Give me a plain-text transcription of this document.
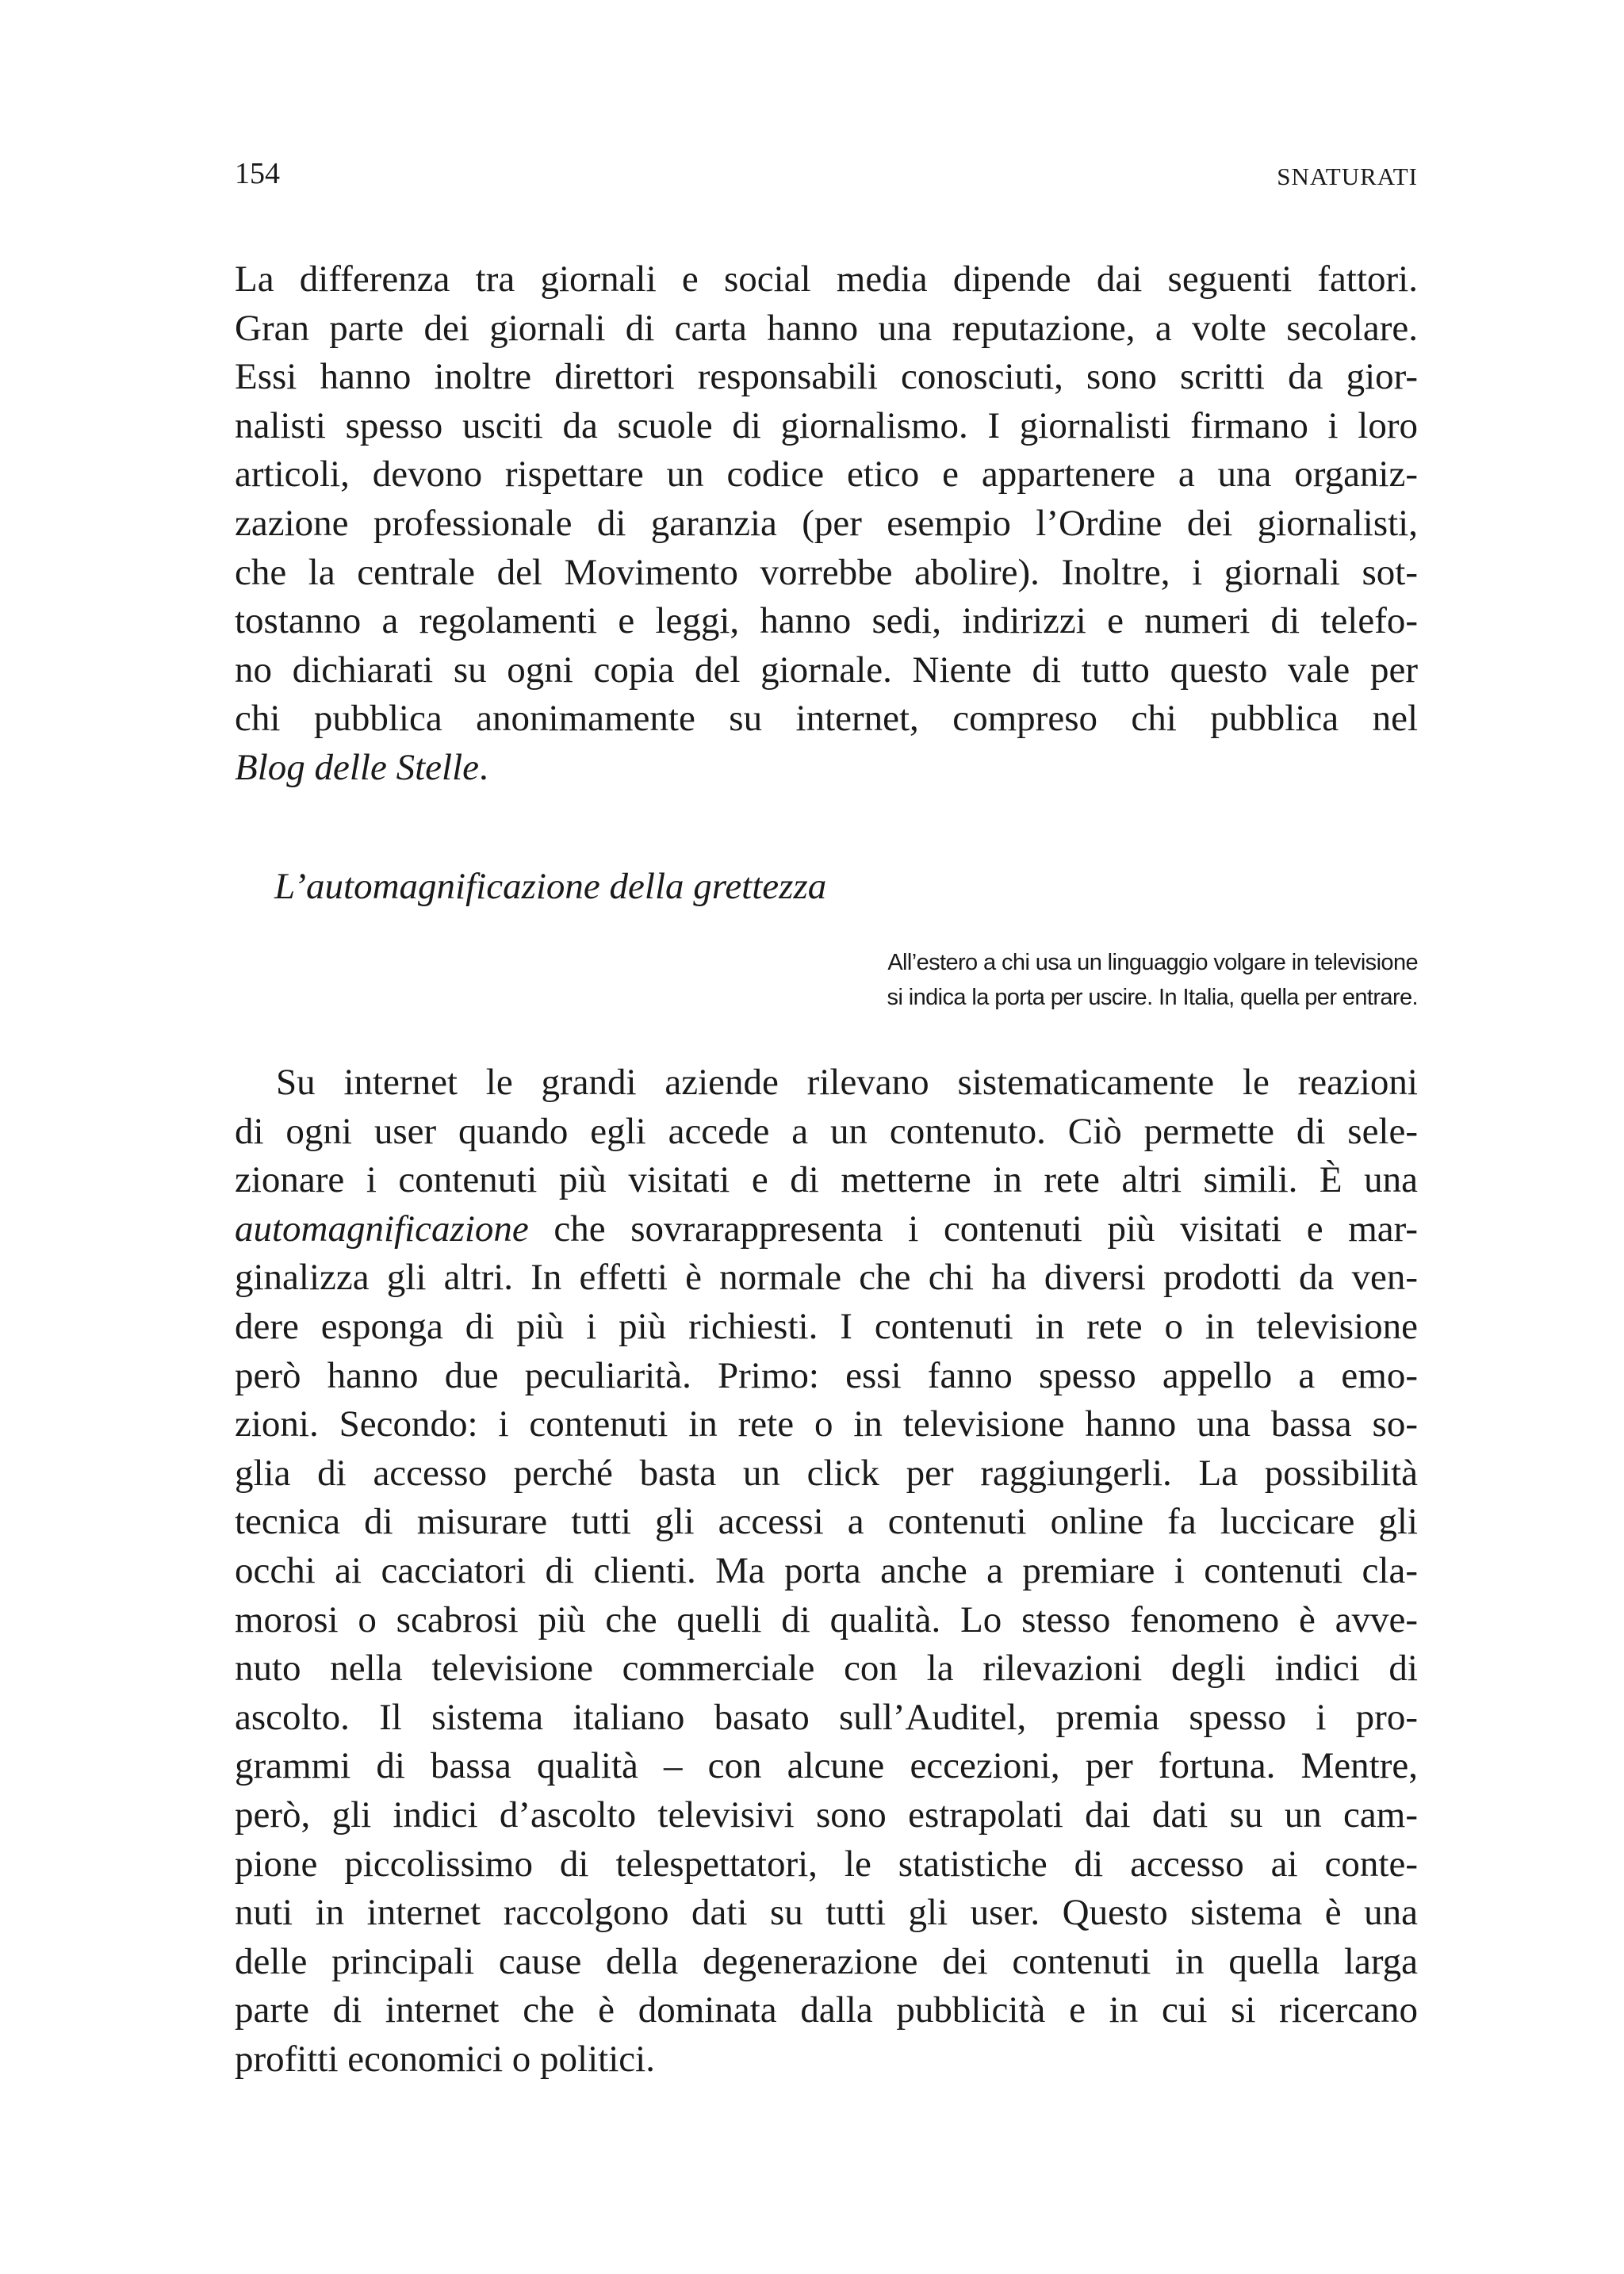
154	SNATURATI
La differenza tra giornali e social media dipende dai seguenti fattori.
Gran parte dei giornali di carta hanno una reputazione, a volte secolare.
Essi hanno inoltre direttori responsabili conosciuti, sono scritti da gior-
nalisti spesso usciti da scuole di giornalismo. I giornalisti firmano i loro
articoli, devono rispettare un codice etico e appartenere a una organiz-
zazione professionale di garanzia (per esempio l’Ordine dei giornalisti,
che la centrale del Movimento vorrebbe abolire). Inoltre, i giornali sot-
tostanno a regolamenti e leggi, hanno sedi, indirizzi e numeri di telefo-
no dichiarati su ogni copia del giornale. Niente di tutto questo vale per
chi pubblica anonimamente su internet, compreso chi pubblica nel
Blog delle Stelle.
L’automagnificazione della grettezza
All’estero a chi usa un linguaggio volgare in televisione
si indica la porta per uscire. In Italia, quella per entrare.
Su internet le grandi aziende rilevano sistematicamente le reazioni
di ogni user quando egli accede a un contenuto. Ciò permette di sele-
zionare i contenuti più visitati e di metterne in rete altri simili. È una
automagnificazione che sovrarappresenta i contenuti più visitati e mar-
ginalizza gli altri. In effetti è normale che chi ha diversi prodotti da ven-
dere esponga di più i più richiesti. I contenuti in rete o in televisione
però hanno due peculiarità. Primo: essi fanno spesso appello a emo-
zioni. Secondo: i contenuti in rete o in televisione hanno una bassa so-
glia di accesso perché basta un click per raggiungerli. La possibilità
tecnica di misurare tutti gli accessi a contenuti online fa luccicare gli
occhi ai cacciatori di clienti. Ma porta anche a premiare i contenuti cla-
morosi o scabrosi più che quelli di qualità. Lo stesso fenomeno è avve-
nuto nella televisione commerciale con la rilevazioni degli indici di
ascolto. Il sistema italiano basato sull’Auditel, premia spesso i pro-
grammi di bassa qualità – con alcune eccezioni, per fortuna. Mentre,
però, gli indici d’ascolto televisivi sono estrapolati dai dati su un cam-
pione piccolissimo di telespettatori, le statistiche di accesso ai conte-
nuti in internet raccolgono dati su tutti gli user. Questo sistema è una
delle principali cause della degenerazione dei contenuti in quella larga
parte di internet che è dominata dalla pubblicità e in cui si ricercano
profitti economici o politici.
